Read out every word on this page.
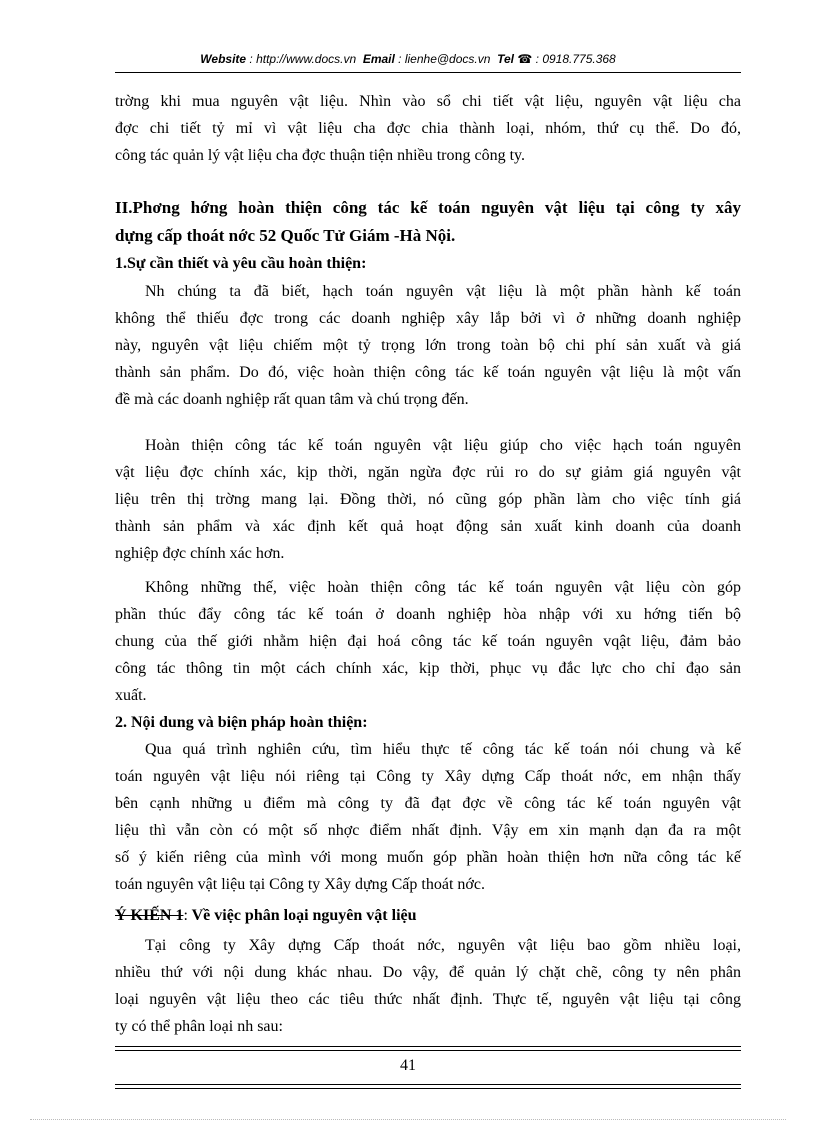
Website : http://www.docs.vn Email : lienhe@docs.vn Tel ☎ : 0918.775.368
trờng khi mua nguyên vật liệu. Nhìn vào sổ chi tiết vật liệu, nguyên vật liệu cha
đợc chi tiết tỷ mỉ vì vật liệu cha đợc chia thành loại, nhóm, thứ cụ thể. Do đó,
công tác quản lý vật liệu cha đợc thuận tiện nhiều trong công ty.
II.Phơng hớng hoàn thiện công tác kế toán nguyên vật liệu tại công ty xây
dựng cấp thoát nớc 52 Quốc Tử Giám -Hà Nội.
1.Sự cần thiết và yêu cầu hoàn thiện:
Nh chúng ta đã biết, hạch toán nguyên vật liệu là một phần hành kế toán
không thể thiếu đợc trong các doanh nghiệp xây lắp bởi vì ở những doanh nghiệp
này, nguyên vật liệu chiếm một tỷ trọng lớn trong toàn bộ chi phí sản xuất và giá
thành sản phẩm. Do đó, việc hoàn thiện công tác kế toán nguyên vật liệu là một vấn
đề mà các doanh nghiệp rất quan tâm và chú trọng đến.
Hoàn thiện công tác kế toán nguyên vật liệu giúp cho việc hạch toán nguyên
vật liệu đợc chính xác, kịp thời, ngăn ngừa đợc rủi ro do sự giảm giá nguyên vật
liệu trên thị trờng mang lại. Đồng thời, nó cũng góp phần làm cho việc tính giá
thành sản phẩm và xác định kết quả hoạt động sản xuất kinh doanh của doanh
nghiệp đợc chính xác hơn.
Không những thế, việc hoàn thiện công tác kế toán nguyên vật liệu còn góp
phần thúc đẩy công tác kế toán ở doanh nghiệp hòa nhập với xu hớng tiến bộ
chung của thế giới nhằm hiện đại hoá công tác kế toán nguyên vqật liệu, đảm bảo
công tác thông tin một cách chính xác, kịp thời, phục vụ đắc lực cho chỉ đạo sản
xuất.
2. Nội dung và biện pháp hoàn thiện:
Qua quá trình nghiên cứu, tìm hiểu thực tế công tác kế toán nói chung và kế
toán nguyên vật liệu nói riêng tại Công ty Xây dựng Cấp thoát nớc, em nhận thấy
bên cạnh những u điểm mà công ty đã đạt đợc về công tác kế toán nguyên vật
liệu thì vẫn còn có một số nhợc điểm nhất định. Vậy em xin mạnh dạn đa ra một
số ý kiến riêng của mình với mong muốn góp phần hoàn thiện hơn nữa công tác kế
toán nguyên vật liệu tại Công ty Xây dựng Cấp thoát nớc.
Ý KIẾN 1: Về việc phân loại nguyên vật liệu
Tại công ty Xây dựng Cấp thoát nớc, nguyên vật liệu bao gồm nhiều loại,
nhiều thứ với nội dung khác nhau. Do vậy, để quản lý chặt chẽ, công ty nên phân
loại nguyên vật liệu theo các tiêu thức nhất định. Thực tế, nguyên vật liệu tại công
ty có thể phân loại nh sau:
41
